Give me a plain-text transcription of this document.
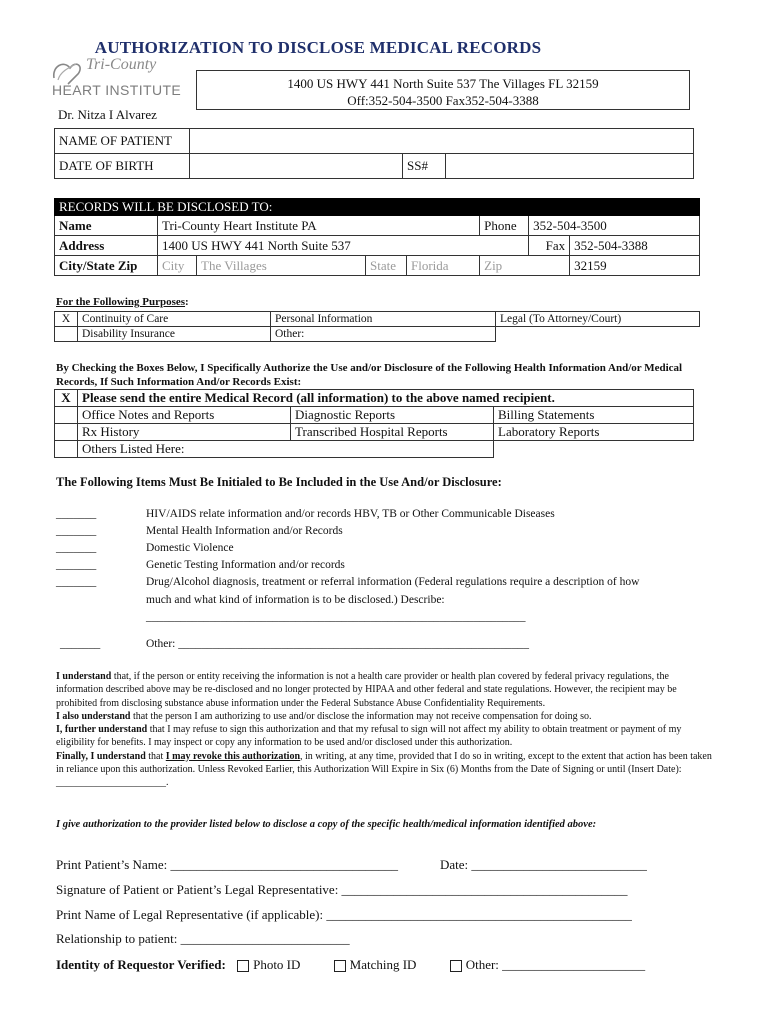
AUTHORIZATION TO DISCLOSE MEDICAL RECORDS
Tri-County
HEART INSTITUTE
Dr. Nitza I Alvarez
1400 US HWY 441 North Suite 537 The Villages FL 32159
Off:352-504-3500 Fax352-504-3388
NAME OF PATIENT			
DATE OF BIRTH		SS#	
RECORDS WILL BE DISCLOSED TO:							
Name	Tri-County Heart Institute PA				Phone	352-504-3500	
Address	1400 US HWY 441 North Suite 537					Fax	352-504-3388
City/State Zip	City	The Villages	State	Florida	Zip		32159
For the Following Purposes:
X	Continuity of Care	Personal Information	Legal (To Attorney/Court)
	Disability Insurance	Other:	
By Checking the Boxes Below, I Specifically Authorize the Use and/or Disclosure of the Following Health Information And/or Medical Records, If Such Information And/or Records Exist:
X	Please send the entire Medical Record (all information) to the above named recipient.		
	Office Notes and Reports	Diagnostic Reports	Billing Statements
	Rx History	Transcribed Hospital Reports	Laboratory Reports
	Others Listed Here:		
The Following Items Must Be Initialed to Be Included in the Use And/or Disclosure:
_______	HIV/AIDS relate information and/or records HBV, TB or Other Communicable Diseases
_______	Mental Health Information and/or Records
_______	Domestic Violence
_______	Genetic Testing Information and/or records
_______	Drug/Alcohol diagnosis, treatment or referral information (Federal regulations require a description of how
much and what kind of information is to be disclosed.) Describe:
__________________________________________________________________
_______	Other: _____________________________________________________________
I understand that, if the person or entity receiving the information is not a health care provider or health plan covered by federal privacy regulations, the information described above may be re-disclosed and no longer protected by HIPAA and other federal and state regulations. However, the recipient may be prohibited from disclosing substance abuse information under the Federal Substance Abuse Confidentiality Requirements.
I also understand that the person I am authorizing to use and/or disclose the information may not receive compensation for doing so.
I, further understand that I may refuse to sign this authorization and that my refusal to sign will not affect my ability to obtain treatment or payment of my eligibility for benefits. I may inspect or copy any information to be used and/or disclosed under this authorization.
Finally, I understand that I may revoke this authorization, in writing, at any time, provided that I do so in writing, except to the extent that action has been taken in reliance upon this authorization. Unless Revoked Earlier, this Authorization Will Expire in Six (6) Months from the Date of Signing or until (Insert Date): ______________________.
I give authorization to the provider listed below to disclose a copy of the specific health/medical information identified above:
Print Patient’s Name: ___________________________________	Date: ___________________________
Signature of Patient or Patient’s Legal Representative: ____________________________________________
Print Name of Legal Representative (if applicable): _______________________________________________
Relationship to patient: __________________________
Identity of Requestor Verified: Photo ID	Matching ID	Other: ______________________
